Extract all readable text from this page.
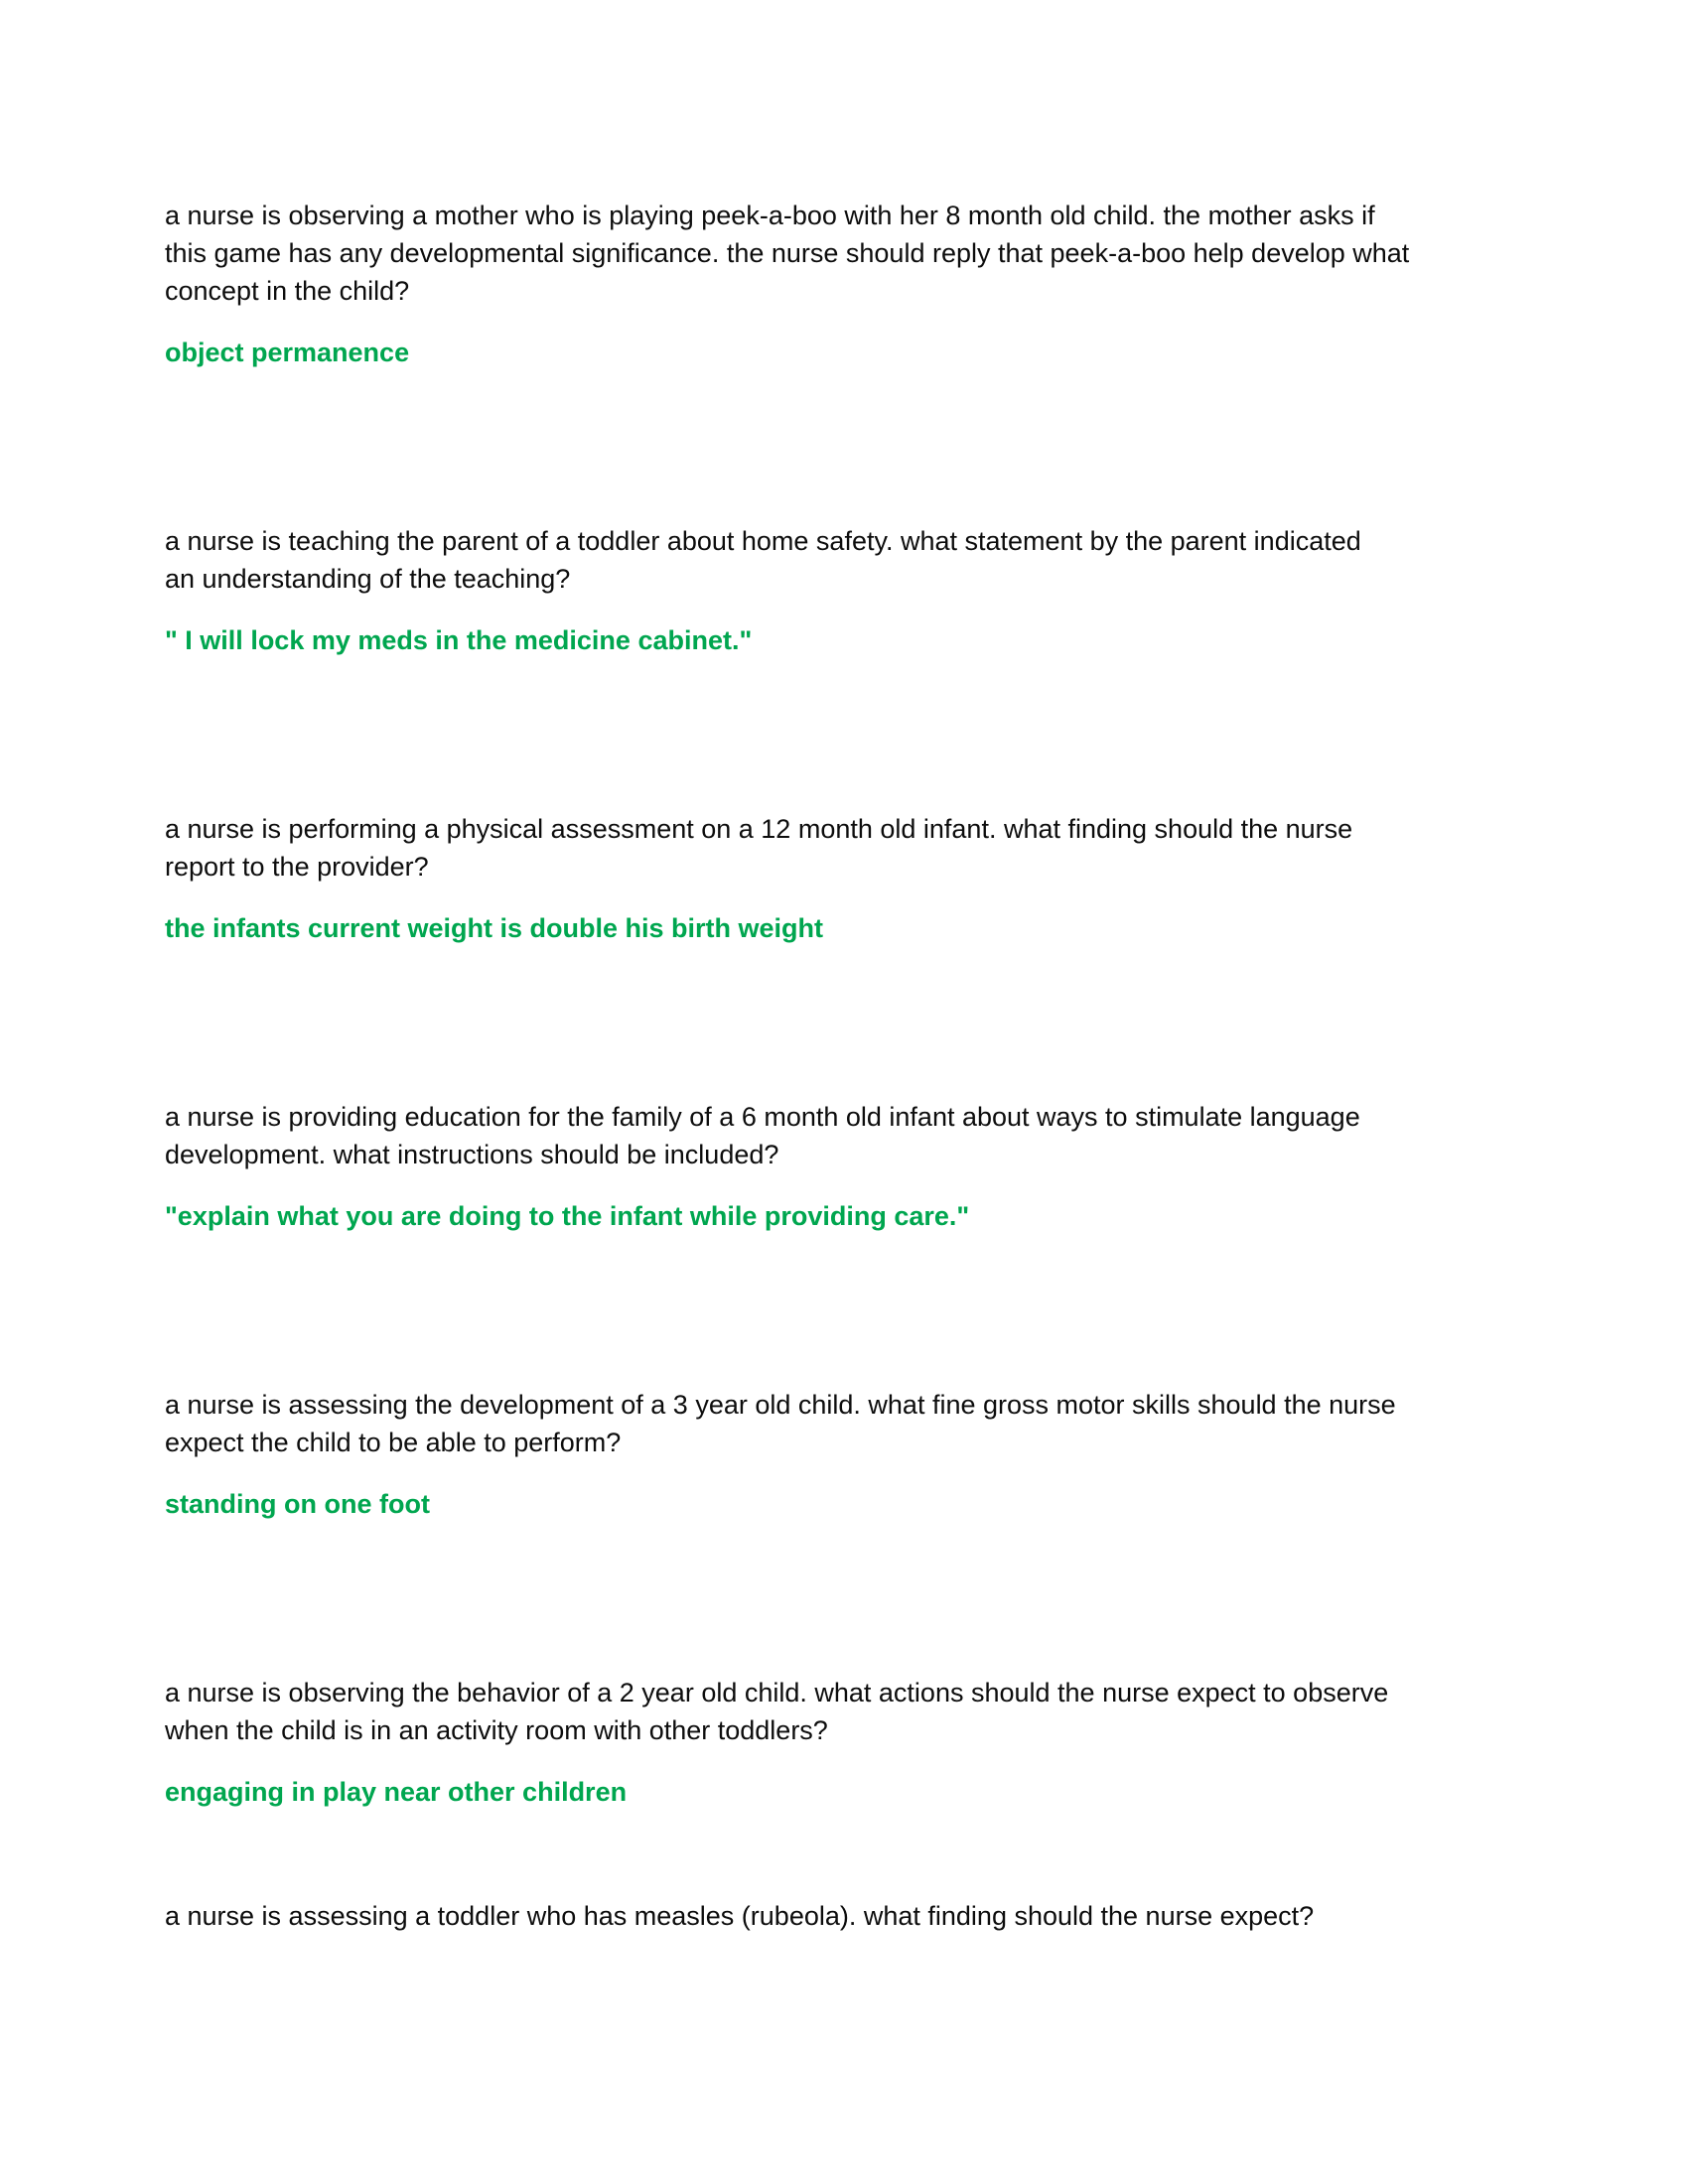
a nurse is observing a mother who is playing peek-a-boo with her 8 month old child. the mother asks if
this game has any developmental significance. the nurse should reply that peek-a-boo help develop what
concept in the child?

object permanence

a nurse is teaching the parent of a toddler about home safety. what statement by the parent indicated
an understanding of the teaching?

" I will lock my meds in the medicine cabinet."

a nurse is performing a physical assessment on a 12 month old infant. what finding should the nurse
report to the provider?

the infants current weight is double his birth weight

a nurse is providing education for the family of a 6 month old infant about ways to stimulate language
development. what instructions should be included?

"explain what you are doing to the infant while providing care."

a nurse is assessing the development of a 3 year old child. what fine gross motor skills should the nurse
expect the child to be able to perform?

standing on one foot

a nurse is observing the behavior of a 2 year old child. what actions should the nurse expect to observe
when the child is in an activity room with other toddlers?

engaging in play near other children

a nurse is assessing a toddler who has measles (rubeola). what finding should the nurse expect?
